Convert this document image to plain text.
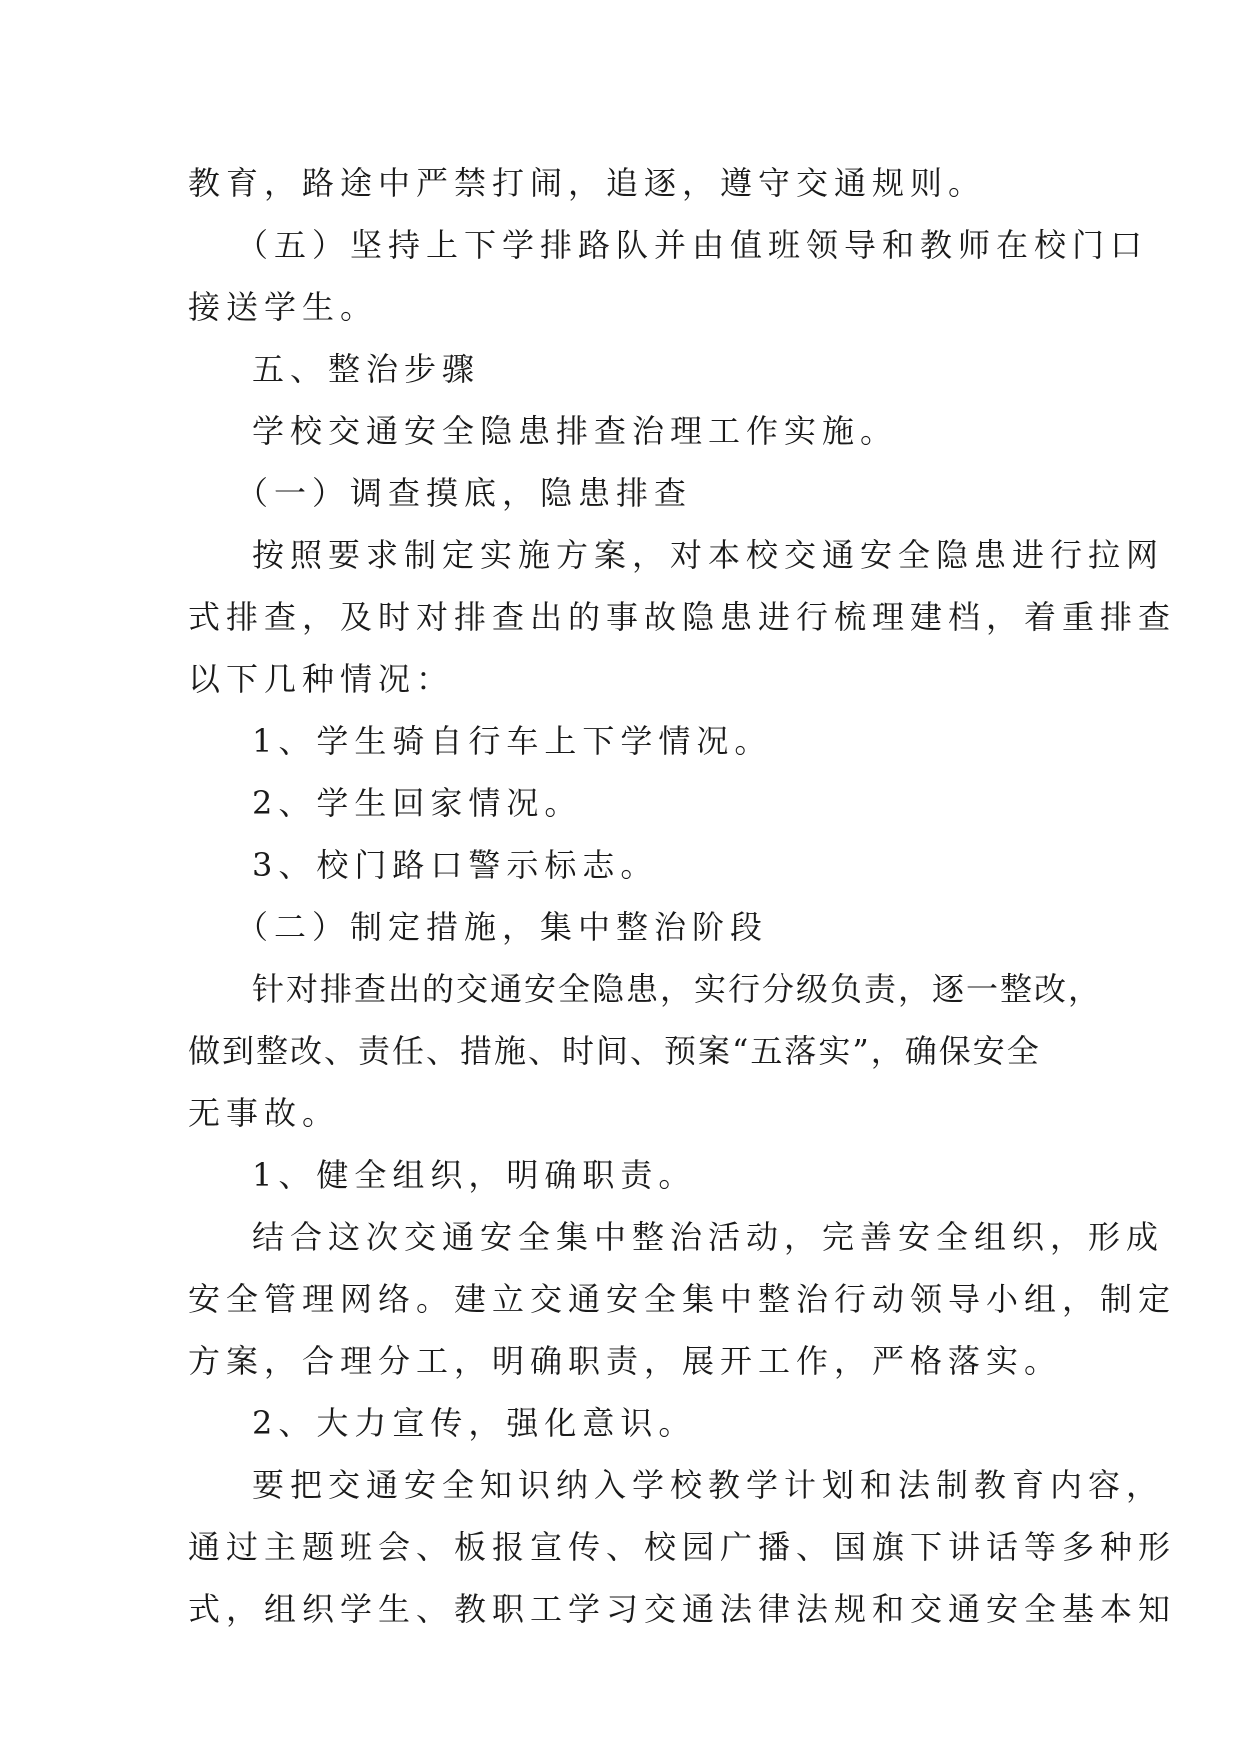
教育，路途中严禁打闹，追逐，遵守交通规则。
（五）坚持上下学排路队并由值班领导和教师在校门口
接送学生。
五、整治步骤
学校交通安全隐患排查治理工作实施。
（一）调查摸底，隐患排查
按照要求制定实施方案，对本校交通安全隐患进行拉网
式排查，及时对排查出的事故隐患进行梳理建档，着重排查
以下几种情况：
1、学生骑自行车上下学情况。
2、学生回家情况。
3、校门路口警示标志。
（二）制定措施，集中整治阶段
针对排查出的交通安全隐患，实行分级负责，逐一整改，
做到整改、责任、措施、时间、预案“五落实”，确保安全
无事故。
1、健全组织，明确职责。
结合这次交通安全集中整治活动，完善安全组织，形成
安全管理网络。建立交通安全集中整治行动领导小组，制定
方案，合理分工，明确职责，展开工作，严格落实。
2、大力宣传，强化意识。
要把交通安全知识纳入学校教学计划和法制教育内容，
通过主题班会、板报宣传、校园广播、国旗下讲话等多种形
式，组织学生、教职工学习交通法律法规和交通安全基本知
